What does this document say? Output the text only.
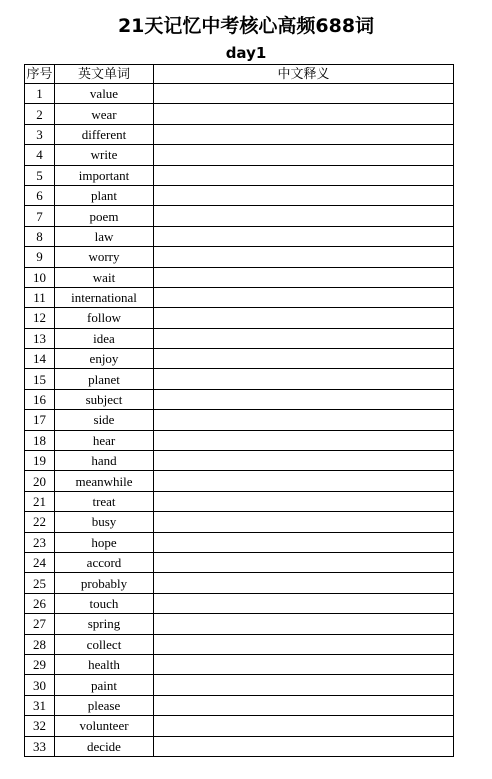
21天记忆中考核心高频688词
day1
序号	英文单词	中文释义
1	value	
2	wear	
3	different	
4	write	
5	important	
6	plant	
7	poem	
8	law	
9	worry	
10	wait	
11	international	
12	follow	
13	idea	
14	enjoy	
15	planet	
16	subject	
17	side	
18	hear	
19	hand	
20	meanwhile	
21	treat	
22	busy	
23	hope	
24	accord	
25	probably	
26	touch	
27	spring	
28	collect	
29	health	
30	paint	
31	please	
32	volunteer	
33	decide	
